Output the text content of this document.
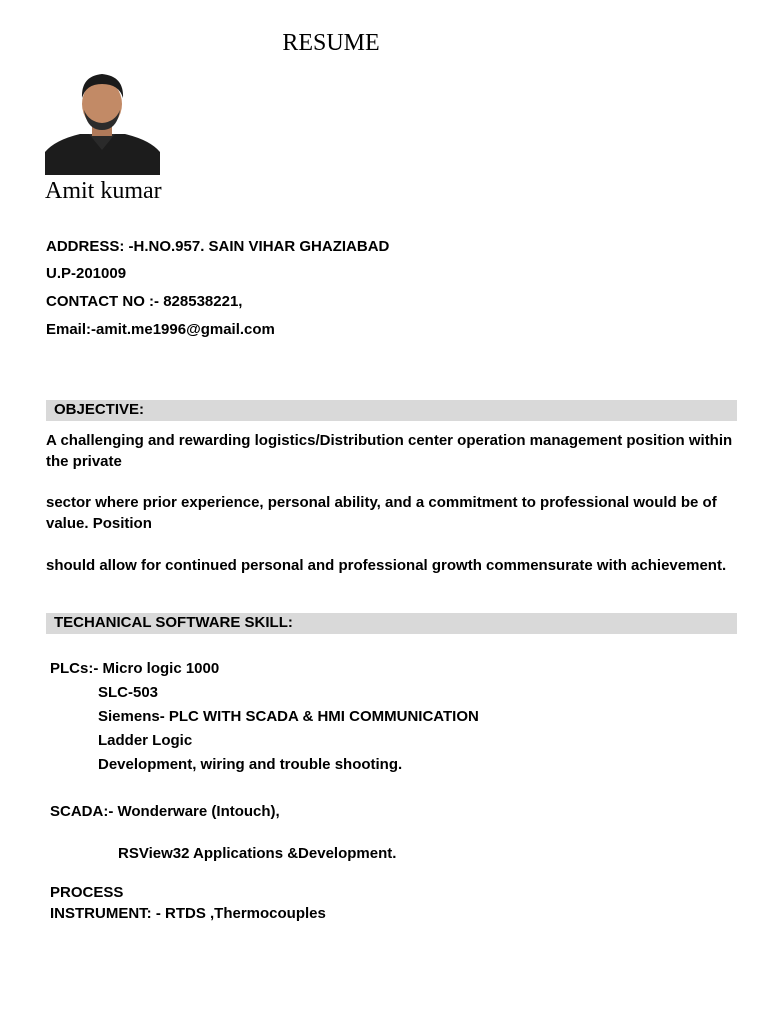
RESUME
Amit kumar
ADDRESS: -H.NO.957. SAIN VIHAR GHAZIABAD
U.P-201009
CONTACT NO :- 828538221,
Email:-amit.me1996@gmail.com
OBJECTIVE:
A challenging and rewarding logistics/Distribution center operation management position within the private
sector where prior experience, personal ability, and a commitment to professional would be of value. Position
should allow for continued personal and professional growth commensurate with achievement.
TECHANICAL SOFTWARE SKILL:
PLCs:- Micro logic 1000
SLC-503
Siemens- PLC WITH SCADA & HMI COMMUNICATION
Ladder Logic
Development, wiring and trouble shooting.
SCADA:- Wonderware (Intouch),
RSView32 Applications &Development.
PROCESS
INSTRUMENT: - RTDS ,Thermocouples
